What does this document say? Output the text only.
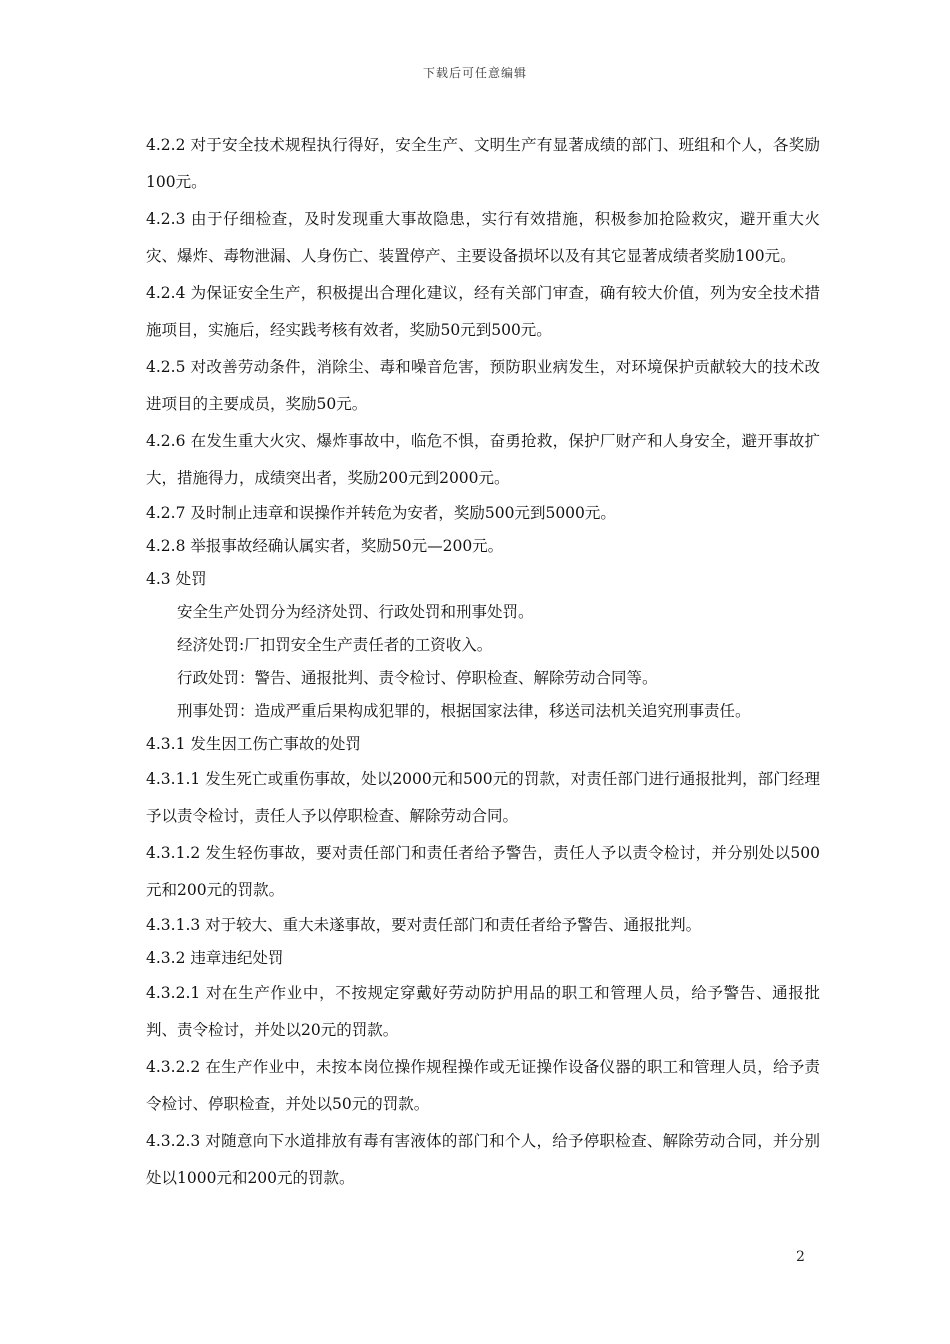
下载后可任意编辑

4.2.2 对于安全技术规程执行得好，安全生产、文明生产有显著成绩的部门、班组和个人，各奖励100元。

4.2.3 由于仔细检查，及时发现重大事故隐患，实行有效措施，积极参加抢险救灾，避开重大火灾、爆炸、毒物泄漏、人身伤亡、装置停产、主要设备损坏以及有其它显著成绩者奖励100元。

4.2.4 为保证安全生产，积极提出合理化建议，经有关部门审查，确有较大价值，列为安全技术措施项目，实施后，经实践考核有效者，奖励50元到500元。

4.2.5 对改善劳动条件，消除尘、毒和噪音危害，预防职业病发生，对环境保护贡献较大的技术改进项目的主要成员，奖励50元。

4.2.6 在发生重大火灾、爆炸事故中，临危不惧，奋勇抢救，保护厂财产和人身安全，避开事故扩大，措施得力，成绩突出者，奖励200元到2000元。

4.2.7 及时制止违章和误操作并转危为安者，奖励500元到5000元。

4.2.8 举报事故经确认属实者，奖励50元—200元。

4.3 处罚

安全生产处罚分为经济处罚、行政处罚和刑事处罚。

经济处罚:厂扣罚安全生产责任者的工资收入。

行政处罚：警告、通报批判、责令检讨、停职检查、解除劳动合同等。

刑事处罚：造成严重后果构成犯罪的，根据国家法律，移送司法机关追究刑事责任。

4.3.1 发生因工伤亡事故的处罚

4.3.1.1 发生死亡或重伤事故，处以2000元和500元的罚款，对责任部门进行通报批判，部门经理予以责令检讨，责任人予以停职检查、解除劳动合同。

4.3.1.2 发生轻伤事故，要对责任部门和责任者给予警告，责任人予以责令检讨，并分别处以500元和200元的罚款。

4.3.1.3 对于较大、重大未遂事故，要对责任部门和责任者给予警告、通报批判。

4.3.2 违章违纪处罚

4.3.2.1 对在生产作业中，不按规定穿戴好劳动防护用品的职工和管理人员，给予警告、通报批判、责令检讨，并处以20元的罚款。

4.3.2.2 在生产作业中，未按本岗位操作规程操作或无证操作设备仪器的职工和管理人员，给予责令检讨、停职检查，并处以50元的罚款。

4.3.2.3 对随意向下水道排放有毒有害液体的部门和个人，给予停职检查、解除劳动合同，并分别处以1000元和200元的罚款。

2
